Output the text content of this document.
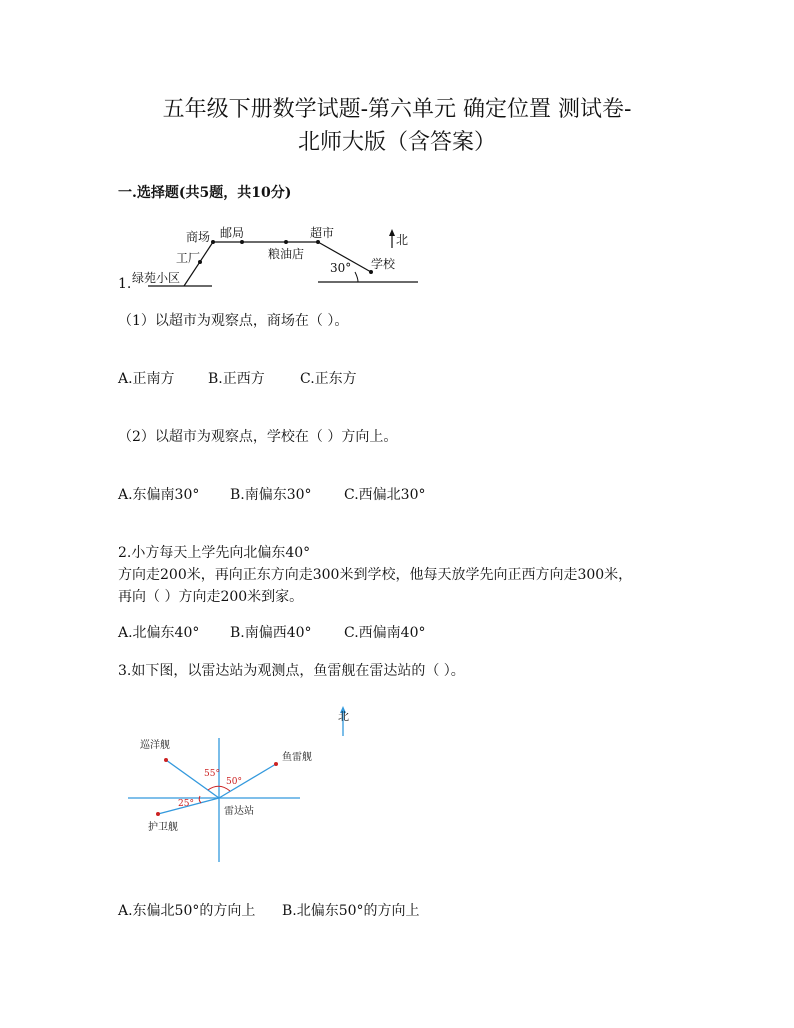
五年级下册数学试题-第六单元 确定位置 测试卷-
北师大版（含答案）
一.选择题(共5题，共10分)
1.
商场 邮局	超市	北
工厂	粮油店
绿苑小区
30° 学校
（1）以超市为观察点，商场在（ ）。
A.正南方 B.正西方	C.正东方
（2）以超市为观察点，学校在（ ）方向上。
A.东偏南30° B.南偏东30° C.西偏北30°
2.小方每天上学先向北偏东40°
方向走200米，再向正东方向走300米到学校，他每天放学先向正西方向走300米，
再向（ ）方向走200米到家。
A.北偏东40° B.南偏西40° C.西偏南40°
3.如下图，以雷达站为观测点，鱼雷舰在雷达站的（ ）。
北
巡洋舰
鱼雷舰
雷达站
护卫舰
55°
50°
25°
A.东偏北50°的方向上 B.北偏东50°的方向上
